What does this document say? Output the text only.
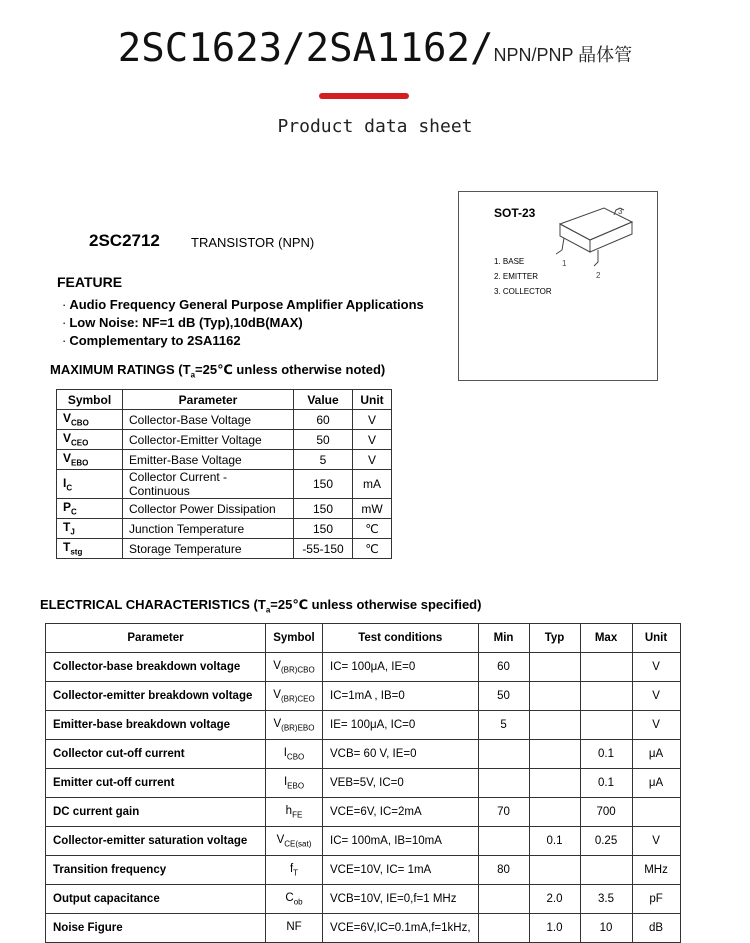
2SC1623/2SA1162/NPN/PNP 晶体管
Product data sheet
2SC2712 TRANSISTOR (NPN)
FEATURE
· Audio Frequency General Purpose Amplifier Applications
· Low Noise: NF=1 dB (Typ),10dB(MAX)
· Complementary to 2SA1162
SOT-23
1. BASE
2. EMITTER
3. COLLECTOR
3
1
2
MAXIMUM RATINGS ($T_a=25℃$ unless otherwise noted)
Symbol	Parameter	Value	Unit
$V_{CBO}$	Collector-Base Voltage	60	V
$V_{CEO}$	Collector-Emitter Voltage	50	V
$V_{EBO}$	Emitter-Base Voltage	5	V
$I_C$	Collector Current -Continuous	150	mA
$P_C$	Collector Power Dissipation	150	mW
$T_J$	Junction Temperature	150	℃
$T_{stg}$	Storage Temperature	-55-150	℃
ELECTRICAL CHARACTERISTICS ($T_a=25℃$ unless otherwise specified)
Parameter	Symbol	Test conditions	Min	Typ	Max	Unit
Collector-base breakdown voltage	$V_{(BR)CBO}$	IC= 100μA, IE=0	60			V
Collector-emitter breakdown voltage	$V_{(BR)CEO}$	IC=1mA , IB=0	50			V
Emitter-base breakdown voltage	$V_{(BR)EBO}$	IE= 100μA, IC=0	5			V
Collector cut-off current	$I_{CBO}$	VCB= 60 V, IE=0			0.1	μA
Emitter cut-off current	$I_{EBO}$	VEB=5V, IC=0			0.1	μA
DC current gain	$h_{FE}$	VCE=6V, IC=2mA	70		700	
Collector-emitter saturation voltage	$V_{CE(sat)}$	IC= 100mA, IB=10mA		0.1	0.25	V
Transition frequency	$f_T$	VCE=10V, IC= 1mA	80			MHz
Output capacitance	$C_{ob}$	VCB=10V, IE=0,f=1 MHz		2.0	3.5	pF
Noise Figure	NF	VCE=6V,IC=0.1mA,f=1kHz,		1.0	10	dB
